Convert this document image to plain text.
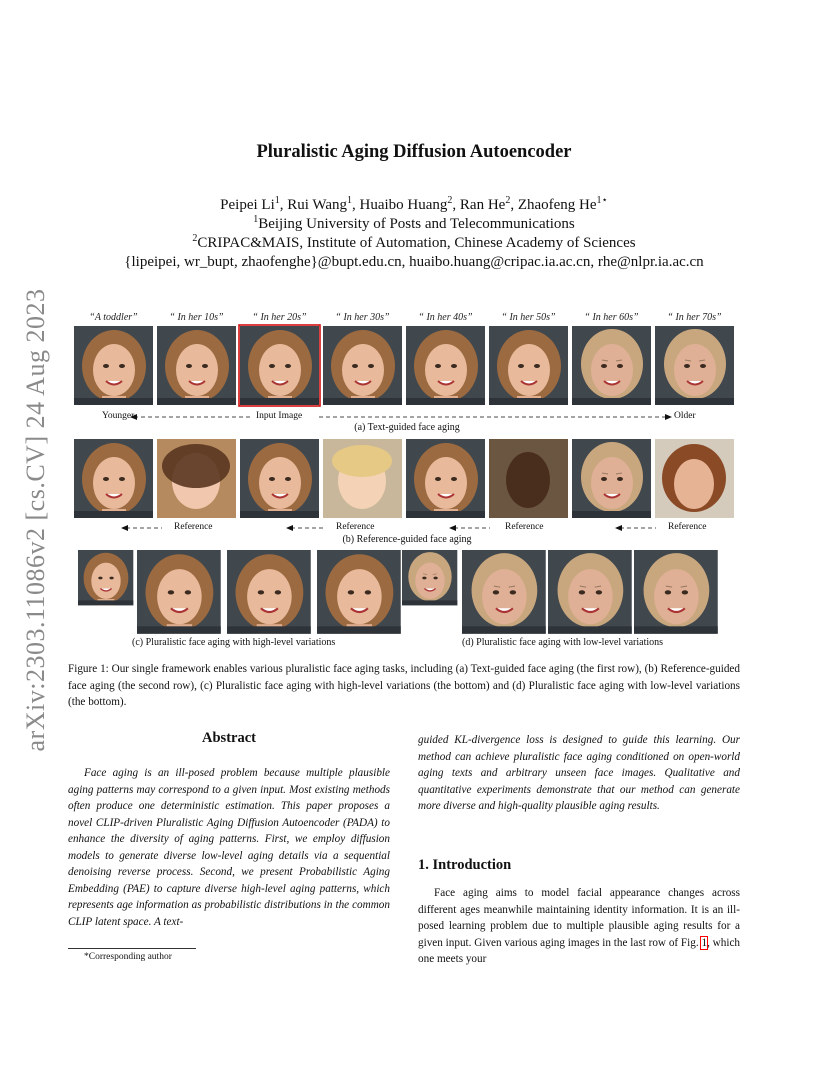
arXiv:2303.11086v2 [cs.CV] 24 Aug 2023
Pluralistic Aging Diffusion Autoencoder
Peipei Li$^1$, Rui Wang$^1$, Huaibo Huang$^2$, Ran He$^2$, Zhaofeng $He^{1⋆}$
$^1$Beijing University of Posts and Telecommunications
$^2$CRIPAC&MAIS, Institute of Automation, Chinese Academy of Sciences
{lipeipei, wr_bupt, zhaofenghe}@bupt.edu.cn, huaibo.huang@cripac.ia.ac.cn, rhe@nlpr.ia.ac.cn
“A toddler”	“ In her 10s”	“ In her 20s”	“ In her 30s”	“ In her 40s”	“ In her 50s”	“ In her 60s”	“ In her 70s”
Younger	Input Image	Older
(a) Text-guided face aging
Reference	Reference	Reference	Reference
(b) Reference-guided face aging
(c) Pluralistic face aging with high-level variations	(d) Pluralistic face aging with low-level variations
Figure 1: Our single framework enables various pluralistic face aging tasks, including (a) Text-guided face aging (the first row), (b) Reference-guided face aging (the second row), (c) Pluralistic face aging with high-level variations (the bottom) and (d) Pluralistic face aging with low-level variations (the bottom).
Abstract
Face aging is an ill-posed problem because multiple plausible aging patterns may correspond to a given input. Most existing methods often produce one deterministic estimation. This paper proposes a novel CLIP-driven Pluralistic Aging Diffusion Autoencoder (PADA) to enhance the diversity of aging patterns. First, we employ diffusion models to generate diverse low-level aging details via a sequential denoising reverse process. Second, we present Probabilistic Aging Embedding (PAE) to capture diverse high-level aging patterns, which represents age information as probabilistic distributions in the common CLIP latent space. A text-
*Corresponding author
guided KL-divergence loss is designed to guide this learning. Our method can achieve pluralistic face aging conditioned on open-world aging texts and arbitrary unseen face images. Qualitative and quantitative experiments demonstrate that our method can generate more diverse and high-quality plausible aging results.
1. Introduction
Face aging aims to model facial appearance changes across different ages meanwhile maintaining identity information. It is an ill-posed learning problem due to multiple plausible aging results for a given input. Given various aging images in the last row of Fig. 1, which one meets your
